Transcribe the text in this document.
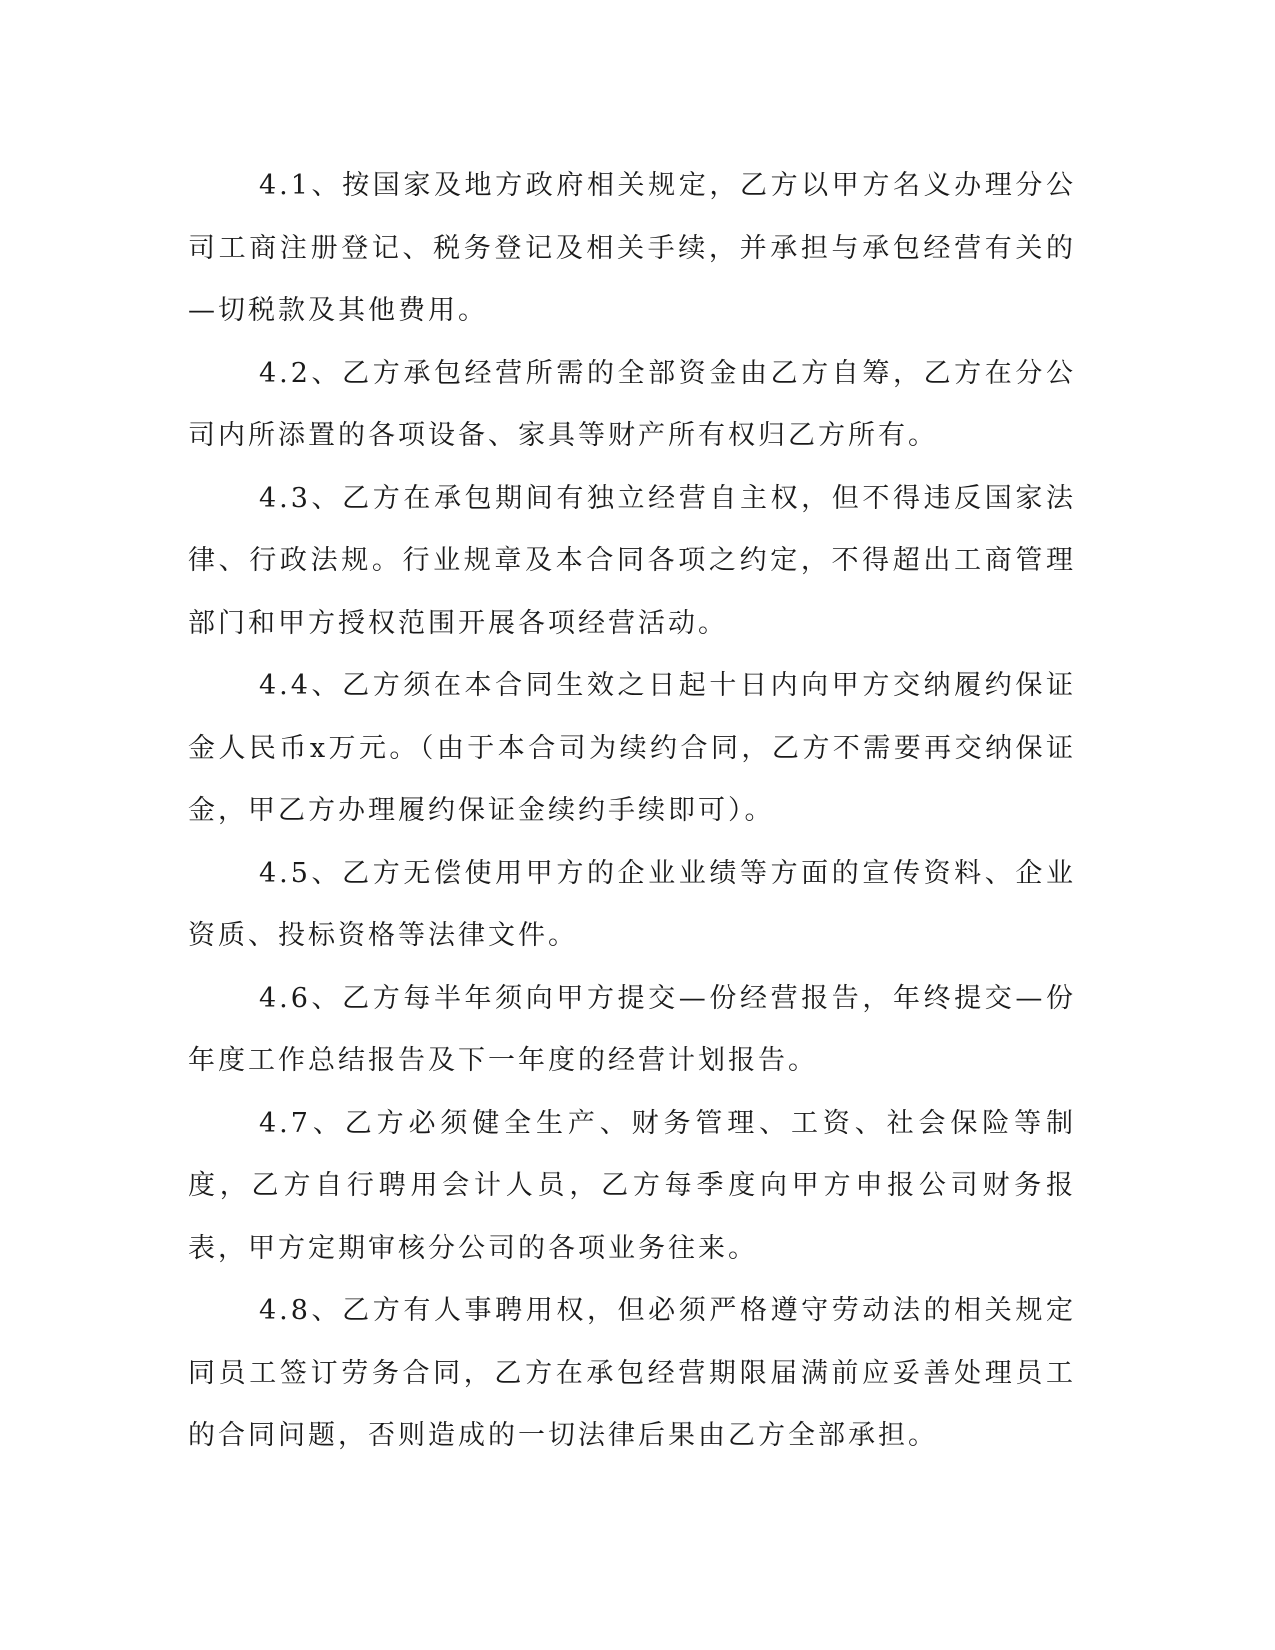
4.1、按国家及地方政府相关规定，乙方以甲方名义办理分公司工商注册登记、税务登记及相关手续，并承担与承包经营有关的—切税款及其他费用。

4.2、乙方承包经营所需的全部资金由乙方自筹，乙方在分公司内所添置的各项设备、家具等财产所有权归乙方所有。

4.3、乙方在承包期间有独立经营自主权，但不得违反国家法律、行政法规。行业规章及本合同各项之约定，不得超出工商管理部门和甲方授权范围开展各项经营活动。

4.4、乙方须在本合同生效之日起十日内向甲方交纳履约保证金人民币x万元。（由于本合司为续约合同，乙方不需要再交纳保证金，甲乙方办理履约保证金续约手续即可）。

4.5、乙方无偿使用甲方的企业业绩等方面的宣传资料、企业资质、投标资格等法律文件。

4.6、乙方每半年须向甲方提交—份经营报告，年终提交—份年度工作总结报告及下一年度的经营计划报告。

4.7、乙方必须健全生产、财务管理、工资、社会保险等制度，乙方自行聘用会计人员，乙方每季度向甲方申报公司财务报表，甲方定期审核分公司的各项业务往来。

4.8、乙方有人事聘用权，但必须严格遵守劳动法的相关规定同员工签订劳务合同，乙方在承包经营期限届满前应妥善处理员工的合同问题，否则造成的一切法律后果由乙方全部承担。
